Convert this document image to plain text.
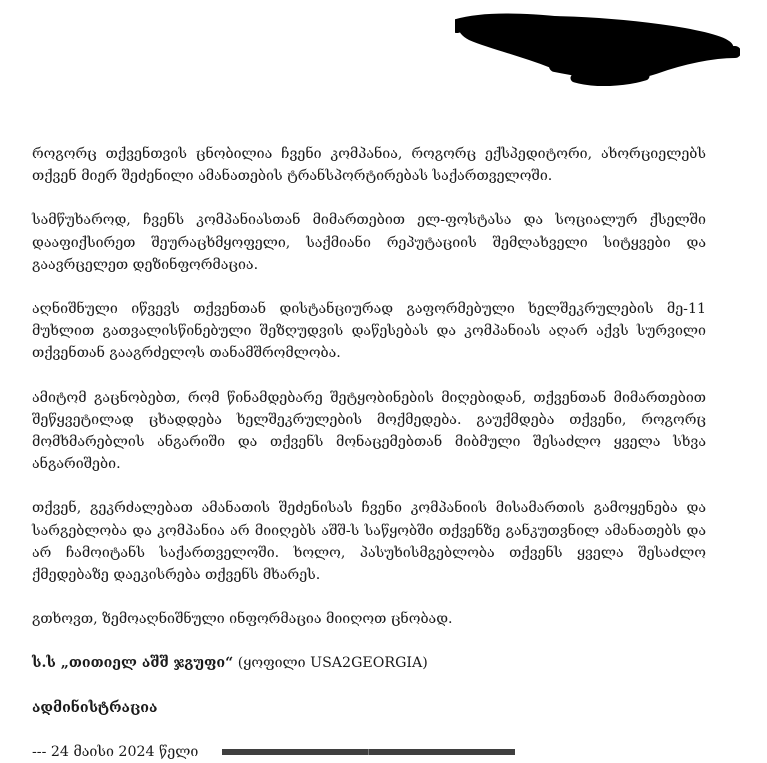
როგორც თქვენთვის ცნობილია ჩვენი კომპანია, როგორც ექსპედიტორი, ახორციელებს თქვენ მიერ შეძენილი ამანათების ტრანსპორტირებას საქართველოში.

სამწუხაროდ, ჩვენს კომპანიასთან მიმართებით ელ-ფოსტასა და სოციალურ ქსელში დააფიქსირეთ შეურაცხმყოფელი, საქმიანი რეპუტაციის შემლახველი სიტყვები და გაავრცელეთ დეზინფორმაცია.

აღნიშნული იწვევს თქვენთან დისტანციურად გაფორმებული ხელშეკრულების მე-11 მუხლით გათვალისწინებული შეზღუდვის დაწესებას და კომპანიას აღარ აქვს სურვილი თქვენთან გააგრძელოს თანამშრომლობა.

ამიტომ გაცნობებთ, რომ წინამდებარე შეტყობინების მიღებიდან, თქვენთან მიმართებით შეწყვეტილად ცხადდება ხელშეკრულების მოქმედება. გაუქმდება თქვენი, როგორც მომხმარებლის ანგარიში და თქვენს მონაცემებთან მიბმული შესაძლო ყველა სხვა ანგარიშები.

თქვენ, გეკრძალებათ ამანათის შეძენისას ჩვენი კომპანიის მისამართის გამოყენება და სარგებლობა და კომპანია არ მიიღებს აშშ-ს საწყობში თქვენზე განკუთვნილ ამანათებს და არ ჩამოიტანს საქართველოში. ხოლო, პასუხისმგებლობა თქვენს ყველა შესაძლო ქმედებაზე დაეკისრება თქვენს მხარეს.

გთხოვთ, ზემოაღნიშნული ინფორმაცია მიიღოთ ცნობად.

ს.ს „თითიელ აშშ ჯგუფი“ (ყოფილი USA2GEORGIA)

ადმინისტრაცია

--- 24 მაისი 2024 წელი
